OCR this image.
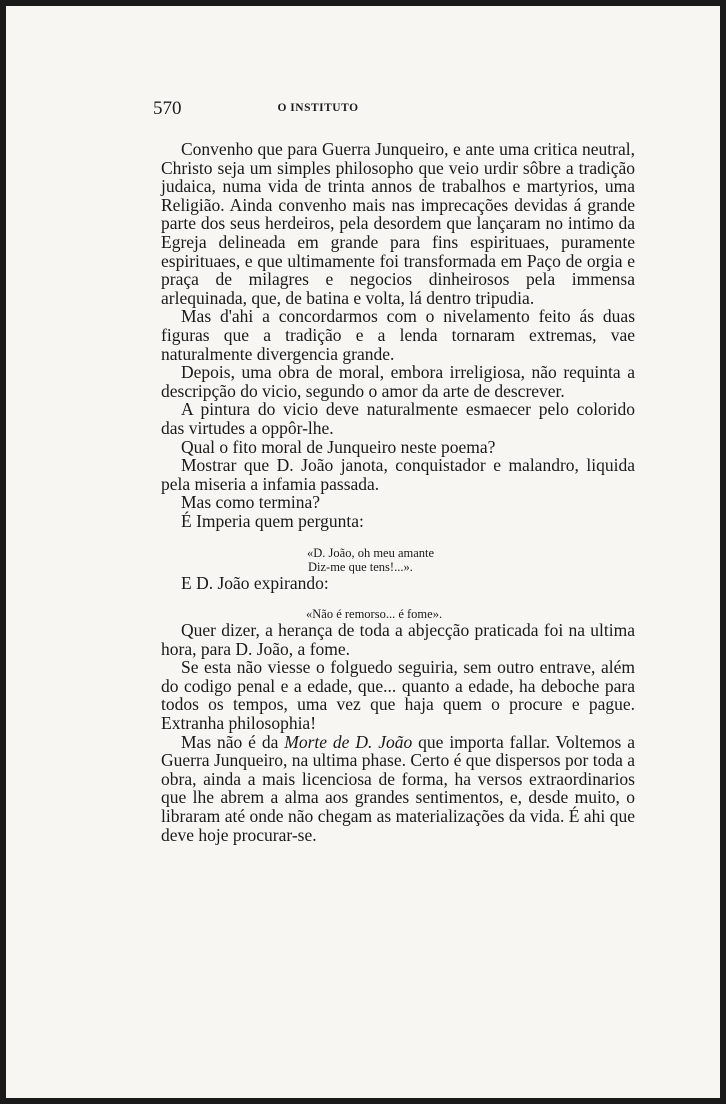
570	O INSTITUTO

Convenho que para Guerra Junqueiro, e ante uma critica neutral, Christo seja um simples philosopho que veio urdir sôbre a tradição judaica, numa vida de trinta annos de trabalhos e martyrios, uma Religião. Ainda convenho mais nas imprecações devidas á grande parte dos seus herdeiros, pela desordem que lançaram no intimo da Egreja delineada em grande para fins espirituaes, puramente espirituaes, e que ultimamente foi transformada em Paço de orgia e praça de milagres e negocios dinheirosos pela immensa arlequinada, que, de batina e volta, lá dentro tripudia.

Mas d'ahi a concordarmos com o nivelamento feito ás duas figuras que a tradição e a lenda tornaram extremas, vae naturalmente divergencia grande.

Depois, uma obra de moral, embora irreligiosa, não requinta a descripção do vicio, segundo o amor da arte de descrever.

A pintura do vicio deve naturalmente esmaecer pelo colorido das virtudes a oppôr-lhe.

Qual o fito moral de Junqueiro neste poema?

Mostrar que D. João janota, conquistador e malandro, liquida pela miseria a infamia passada.

Mas como termina?

É Imperia quem pergunta:

«D. João, oh meu amante
Diz-me que tens!...».

E D. João expirando:

«Não é remorso... é fome».

Quer dizer, a herança de toda a abjecção praticada foi na ultima hora, para D. João, a fome.

Se esta não viesse o folguedo seguiria, sem outro entrave, além do codigo penal e a edade, que... quanto a edade, ha deboche para todos os tempos, uma vez que haja quem o procure e pague. Extranha philosophia!

Mas não é da Morte de D. João que importa fallar. Voltemos a Guerra Junqueiro, na ultima phase. Certo é que dispersos por toda a obra, ainda a mais licenciosa de forma, ha versos extraordinarios que lhe abrem a alma aos grandes sentimentos, e, desde muito, o libraram até onde não chegam as materializações da vida. É ahi que deve hoje procurar-se.
